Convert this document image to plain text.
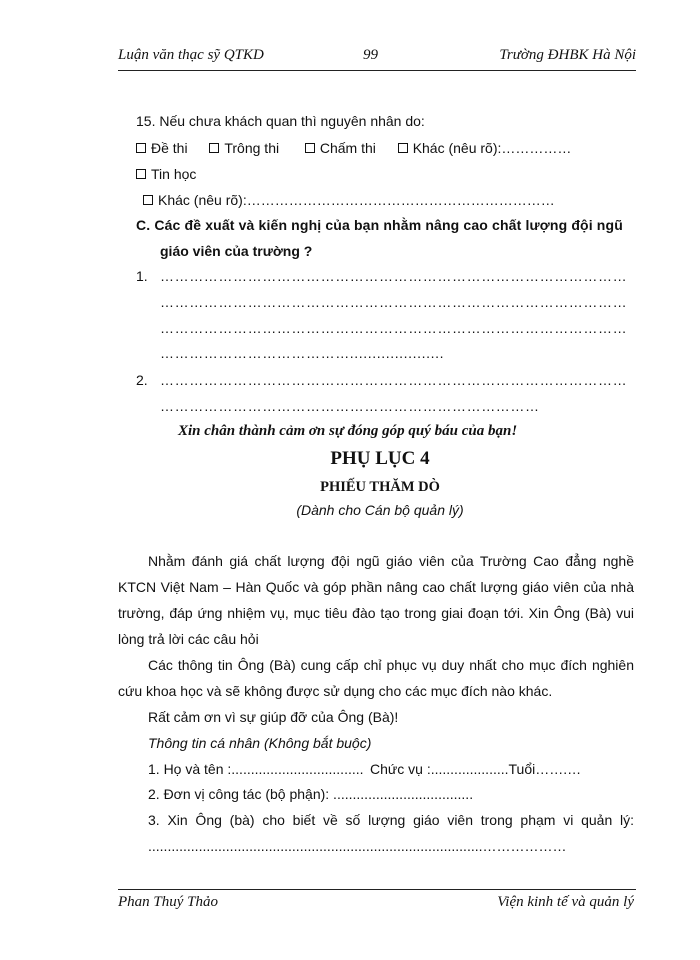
Luận văn thạc sỹ QTKD	99	Trường ĐHBK Hà Nội
15. Nếu chưa khách quan thì nguyên nhân do:
Đề thi	Trông thi	Chấm thi	Khác (nêu rõ):……………
Tin học
Khác (nêu rõ):…………………………………………………………
C. Các đề xuất và kiến nghị của bạn nhằm nâng cao chất lượng đội ngũ
giáo viên của trường ?
1. ……………………………………………………………………………………
……………………………………………………………………………………
……………………………………………………………………………………
………………………………….....................
2. ……………………………………………………………………………………
……………………………………………………………………
Xin chân thành cảm ơn sự đóng góp quý báu của bạn!
PHỤ LỤC 4
PHIẾU THĂM DÒ
(Dành cho Cán bộ quản lý)
Nhằm đánh giá chất lượng đội ngũ giáo viên của Trường Cao đẳng nghề
KTCN Việt Nam – Hàn Quốc và góp phần nâng cao chất lượng giáo viên của nhà
trường, đáp ứng nhiệm vụ, mục tiêu đào tạo trong giai đoạn tới. Xin Ông (Bà) vui
lòng trả lời các câu hỏi
Các thông tin Ông (Bà) cung cấp chỉ phục vụ duy nhất cho mục đích nghiên
cứu khoa học và sẽ không được sử dụng cho các mục đích nào khác.
Rất cảm ơn vì sự giúp đỡ của Ông (Bà)!
Thông tin cá nhân (Không bắt buộc)
1. Họ và tên :.................................. Chức vụ :....................Tuổi…….…
2. Đơn vị công tác (bộ phận): ....................................
3. Xin Ông (bà) cho biết về số lượng giáo viên trong phạm vi quản lý:
......................................................................................………………
Phan Thuý Thảo	Viện kinh tế và quản lý
